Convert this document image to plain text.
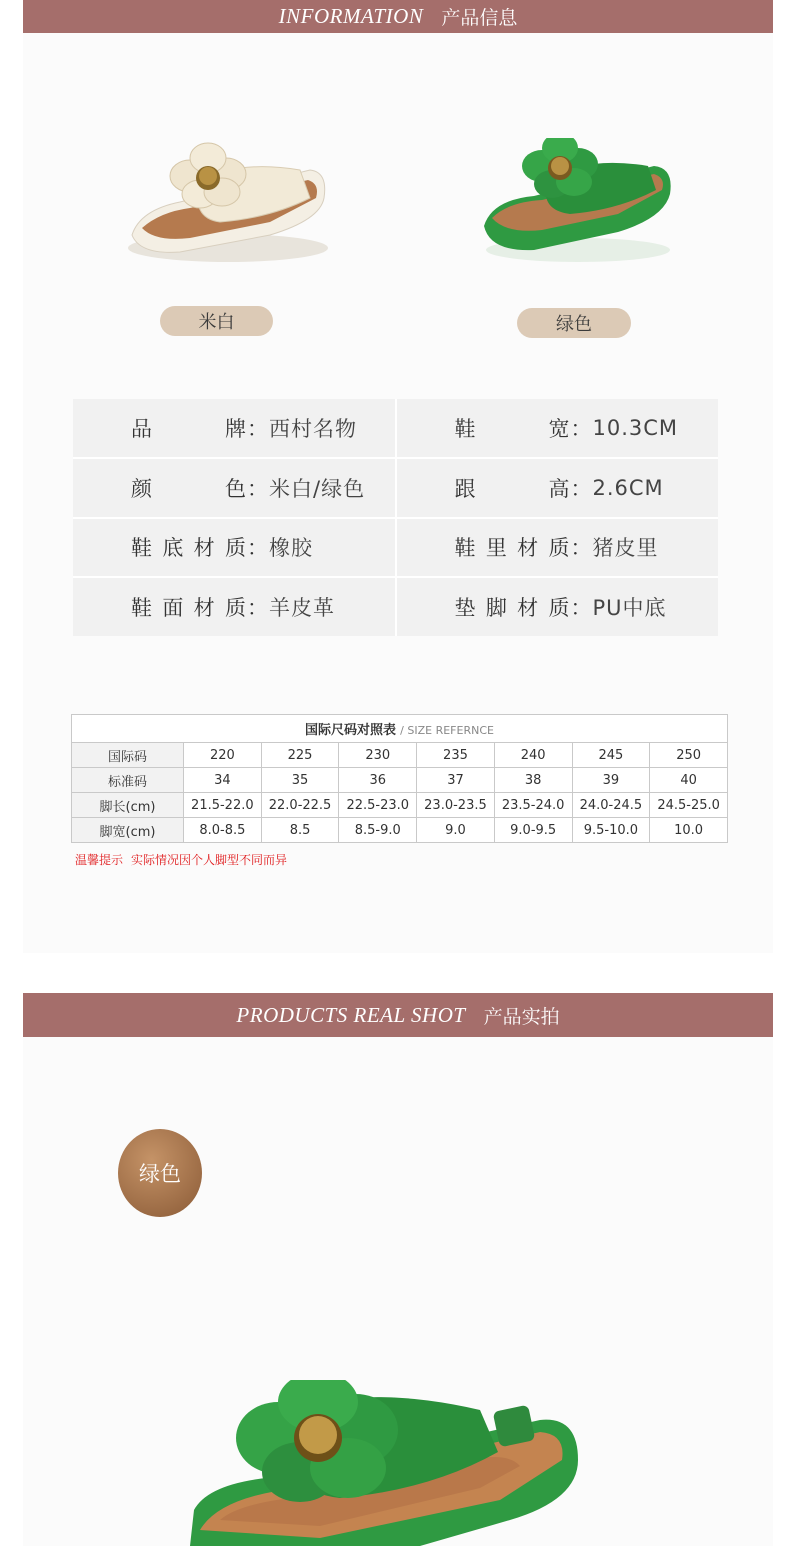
INFORMATION 产品信息
米白	绿色
品牌 ： 西村名物	鞋宽 ： 10.3CM
颜色 ： 米白/绿色	跟高 ： 2.6CM
鞋底材质 ： 橡胶	鞋里材质 ： 猪皮里
鞋面材质 ： 羊皮革	垫脚材质 ： PU中底
国际尺码对照表 / SIZE REFERNCE							
国际码	220	225	230	235	240	245	250
标准码	34	35	36	37	38	39	40
脚长(cm)	21.5-22.0	22.0-22.5	22.5-23.0	23.0-23.5	23.5-24.0	24.0-24.5	24.5-25.0
脚宽(cm)	8.0-8.5	8.5	8.5-9.0	9.0	9.0-9.5	9.5-10.0	10.0
温馨提示 实际情况因个人脚型不同而异
PRODUCTS REAL SHOT 产品实拍
绿色
